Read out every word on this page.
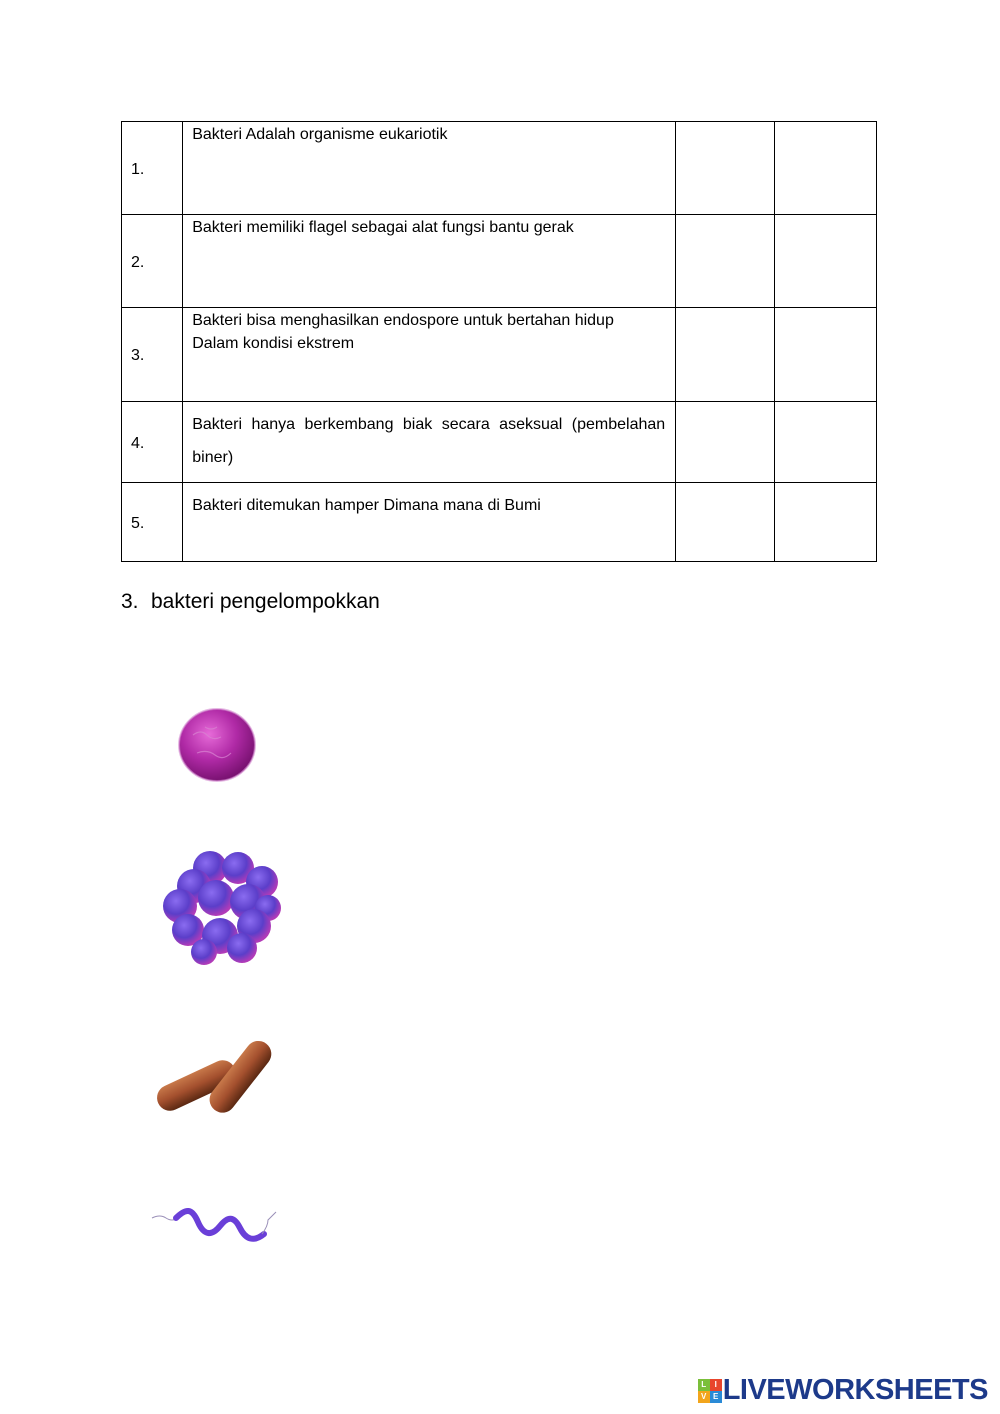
1.	Bakteri Adalah organisme eukariotik		

2.	Bakteri memiliki flagel sebagai alat fungsi bantu gerak		

3.	Bakteri bisa menghasilkan endospore untuk bertahan hidup
Dalam kondisi ekstrem		

4.	Bakteri hanya berkembang biak secara aseksual (pembelahan
biner)		

5.	Bakteri ditemukan hamper Dimana mana di Bumi		
3. bakteri pengelompokkan
L	I
V E LIVEWORKSHEETS
